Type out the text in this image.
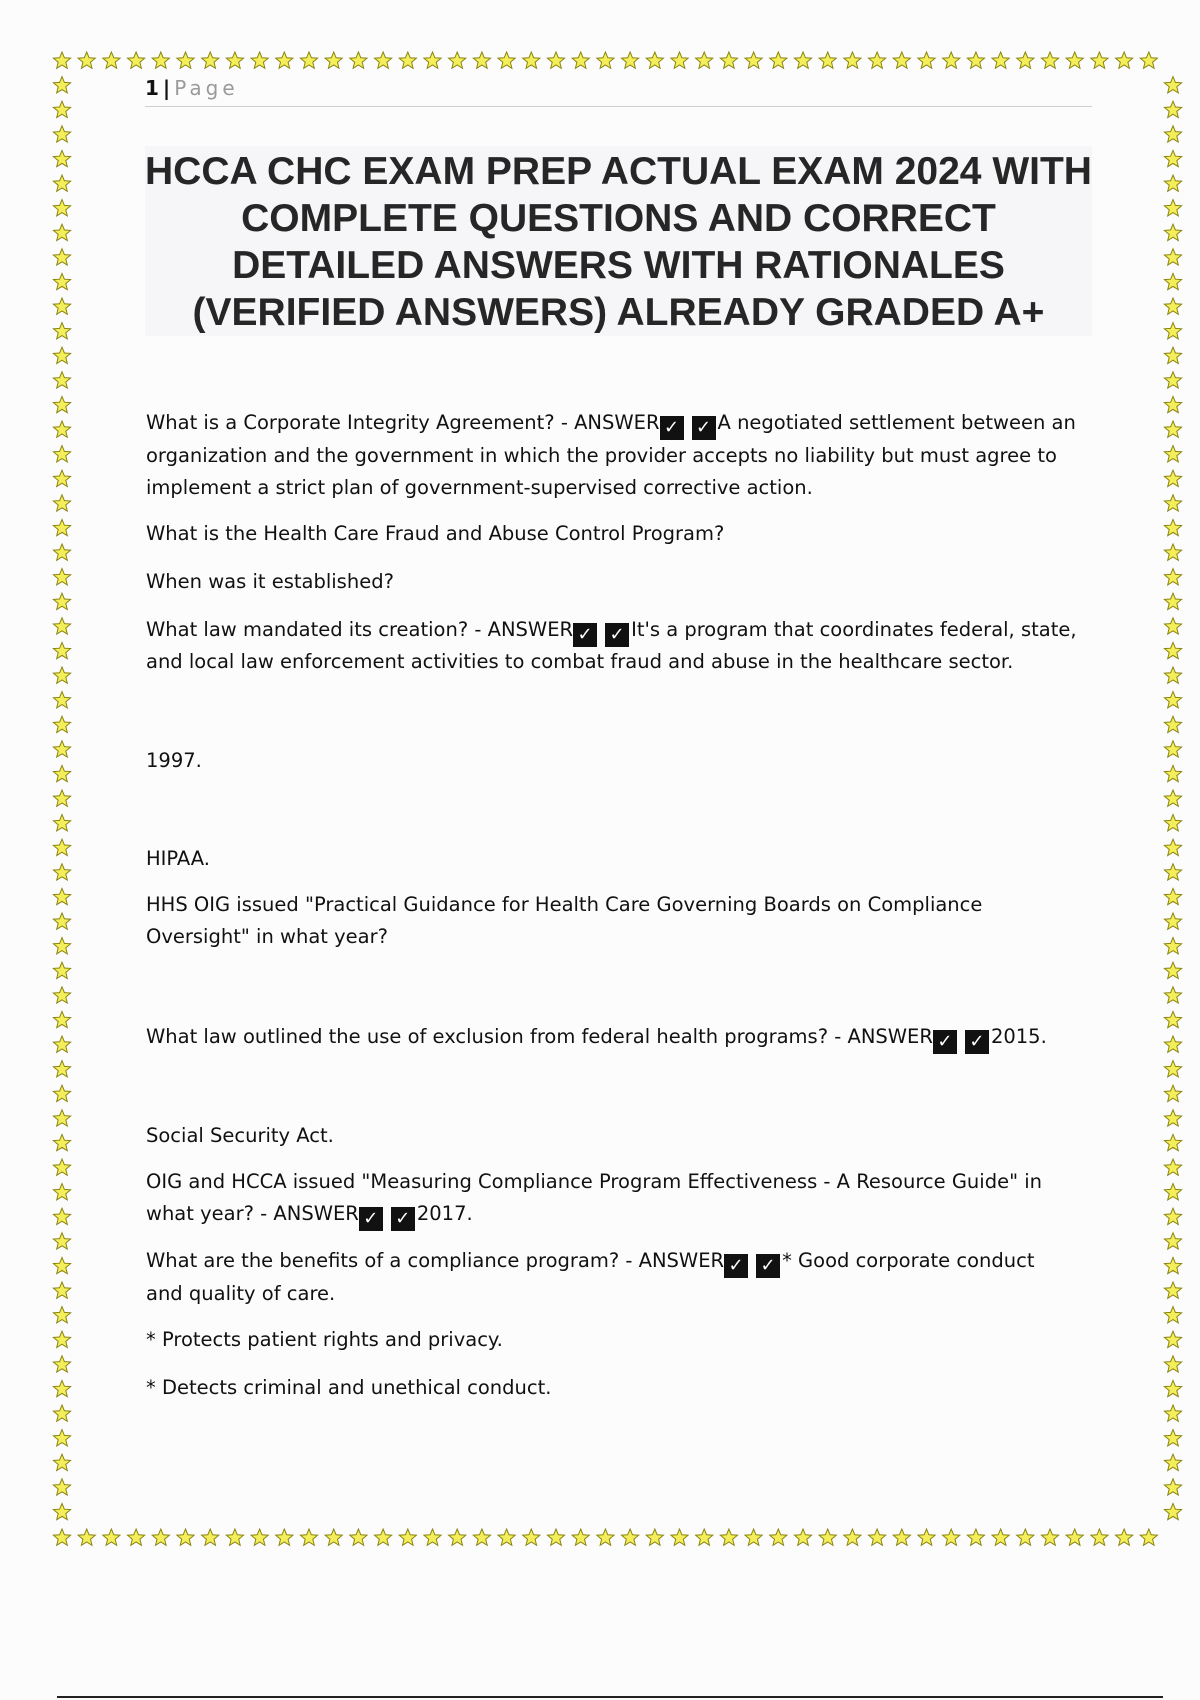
1 | Page
HCCA CHC EXAM PREP ACTUAL EXAM 2024 WITH COMPLETE QUESTIONS AND CORRECT DETAILED ANSWERS WITH RATIONALES (VERIFIED ANSWERS) ALREADY GRADED A+

What is a Corporate Integrity Agreement? - ANSWER ✓ ✓ A negotiated settlement between an organization and the government in which the provider accepts no liability but must agree to implement a strict plan of government-supervised corrective action.

What is the Health Care Fraud and Abuse Control Program?

When was it established?

What law mandated its creation? - ANSWER ✓ ✓ It's a program that coordinates federal, state, and local law enforcement activities to combat fraud and abuse in the healthcare sector.

1997.

HIPAA.

HHS OIG issued "Practical Guidance for Health Care Governing Boards on Compliance Oversight" in what year?

What law outlined the use of exclusion from federal health programs? - ANSWER ✓ ✓ 2015.

Social Security Act.

OIG and HCCA issued "Measuring Compliance Program Effectiveness - A Resource Guide" in what year? - ANSWER ✓ ✓ 2017.

What are the benefits of a compliance program? - ANSWER ✓ ✓ * Good corporate conduct and quality of care.

* Protects patient rights and privacy.

* Detects criminal and unethical conduct.
